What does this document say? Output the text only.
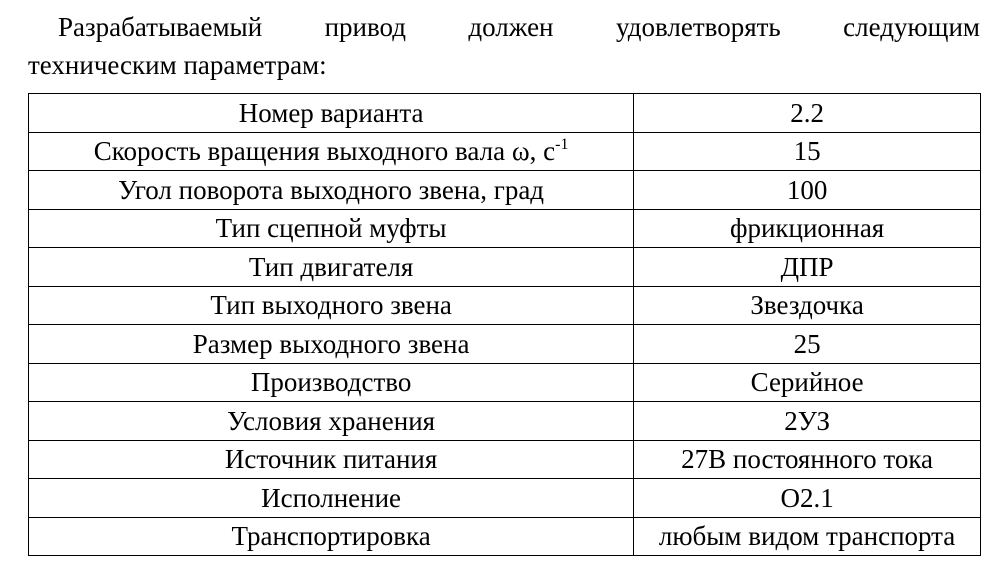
Разрабатываемый привод должен удовлетворять следующим
техническим параметрам:
Номер варианта	2.2
Скорость вращения выходного вала ω, $с^{-1}$	15
Угол поворота выходного звена, град	100
Тип сцепной муфты	фрикционная
Тип двигателя	ДПР
Тип выходного звена	Звездочка
Размер выходного звена	25
Производство	Серийное
Условия хранения	2УЗ
Источник питания	27В постоянного тока
Исполнение	О2.1
Транспортировка	любым видом транспорта
